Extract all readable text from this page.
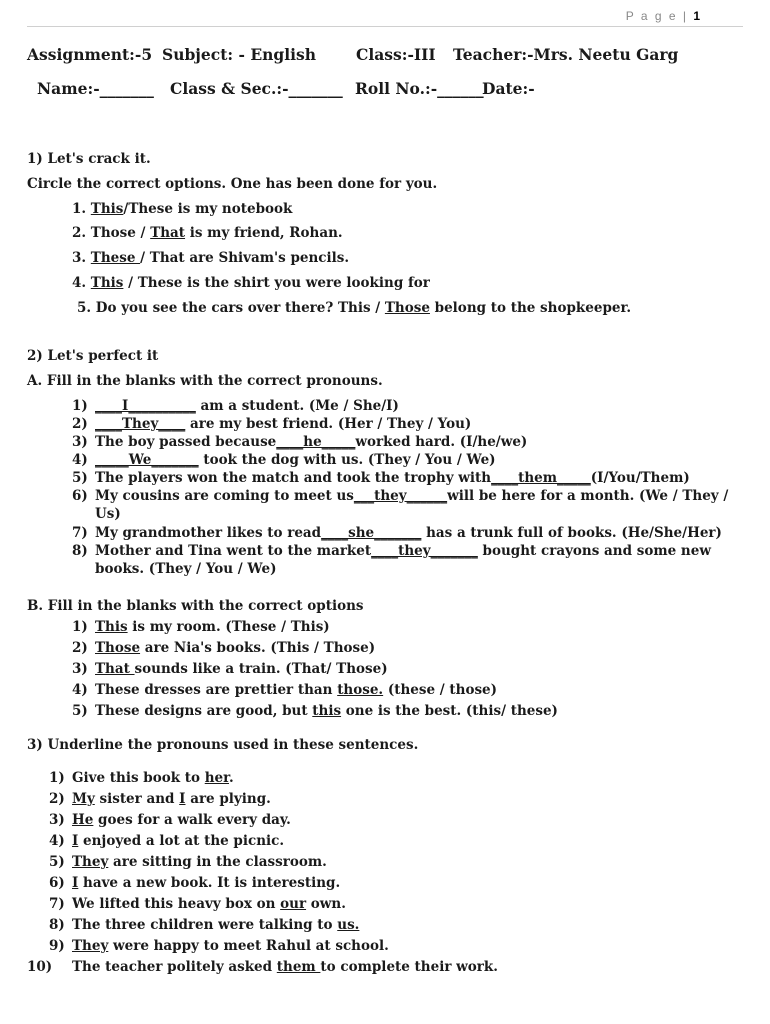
P a g e | 1
Assignment:-5 Subject: - English	Class:-III Teacher:-Mrs. Neetu Garg
Name:-_______ Class & Sec.:-_______ Roll No.:-______
Date:-
1) Let's crack it.
Circle the correct options. One has been done for you.
1. This/These is my notebook
2. Those / That is my friend, Rohan.
3. These / That are Shivam's pencils.
4. This / These is the shirt you were looking for
5. Do you see the cars over there? This / Those belong to the shopkeeper.
2) Let's perfect it
A. Fill in the blanks with the correct pronouns.
1) ____I__________ am a student. (Me / She/I)
2) ____They____ are my best friend. (Her / They / You)
3) The boy passed because____he_____worked hard. (I/he/we)
4) _____We_______ took the dog with us. (They / You / We)
5) The players won the match and took the trophy with____them_____(I/You/Them)
6) My cousins are coming to meet us___they______will be here for a month. (We / They /
Us)
7) My grandmother likes to read____she_______ has a trunk full of books. (He/She/Her)
8) Mother and Tina went to the market____they_______ bought crayons and some new
books. (They / You / We)
B. Fill in the blanks with the correct options
1) This is my room. (These / This)
2) Those are Nia's books. (This / Those)
3) That sounds like a train. (That/ Those)
4) These dresses are prettier than those. (these / those)
5) These designs are good, but this one is the best. (this/ these)
3) Underline the pronouns used in these sentences.
1) Give this book to her.
2) My sister and I are plying.
3) He goes for a walk every day.
4) I enjoyed a lot at the picnic.
5) They are sitting in the classroom.
6) I have a new book. It is interesting.
7) We lifted this heavy box on our own.
8) The three children were talking to us.
9) They were happy to meet Rahul at school.
10) The teacher politely asked them to complete their work.
